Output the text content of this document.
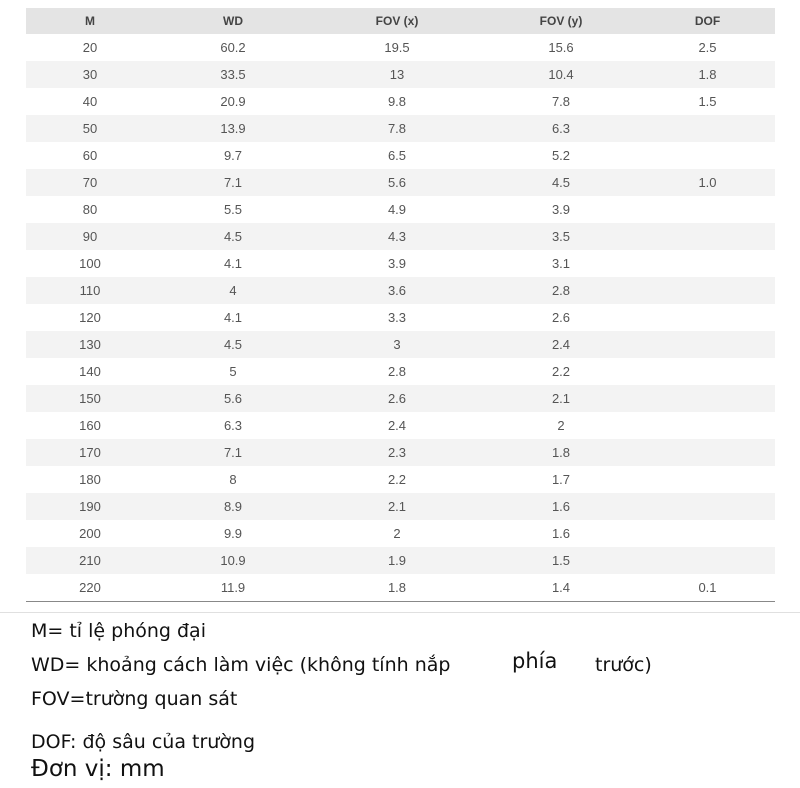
M	WD	FOV (x)	FOV (y)	DOF
20	60.2	19.5	15.6	2.5
30	33.5	13	10.4	1.8
40	20.9	9.8	7.8	1.5
50	13.9	7.8	6.3	
60	9.7	6.5	5.2	
70	7.1	5.6	4.5	1.0
80	5.5	4.9	3.9	
90	4.5	4.3	3.5	
100	4.1	3.9	3.1	
110	4	3.6	2.8	
120	4.1	3.3	2.6	
130	4.5	3	2.4	
140	5	2.8	2.2	
150	5.6	2.6	2.1	
160	6.3	2.4	2	
170	7.1	2.3	1.8	
180	8	2.2	1.7	
190	8.9	2.1	1.6	
200	9.9	2	1.6	
210	10.9	1.9	1.5	
220	11.9	1.8	1.4	0.1
M= tỉ lệ phóng đại
WD= khoảng cách làm việc (không tính nắp	phía trước)
FOV=trường quan sát
DOF: độ sâu của trường
Đơn vị: mm
